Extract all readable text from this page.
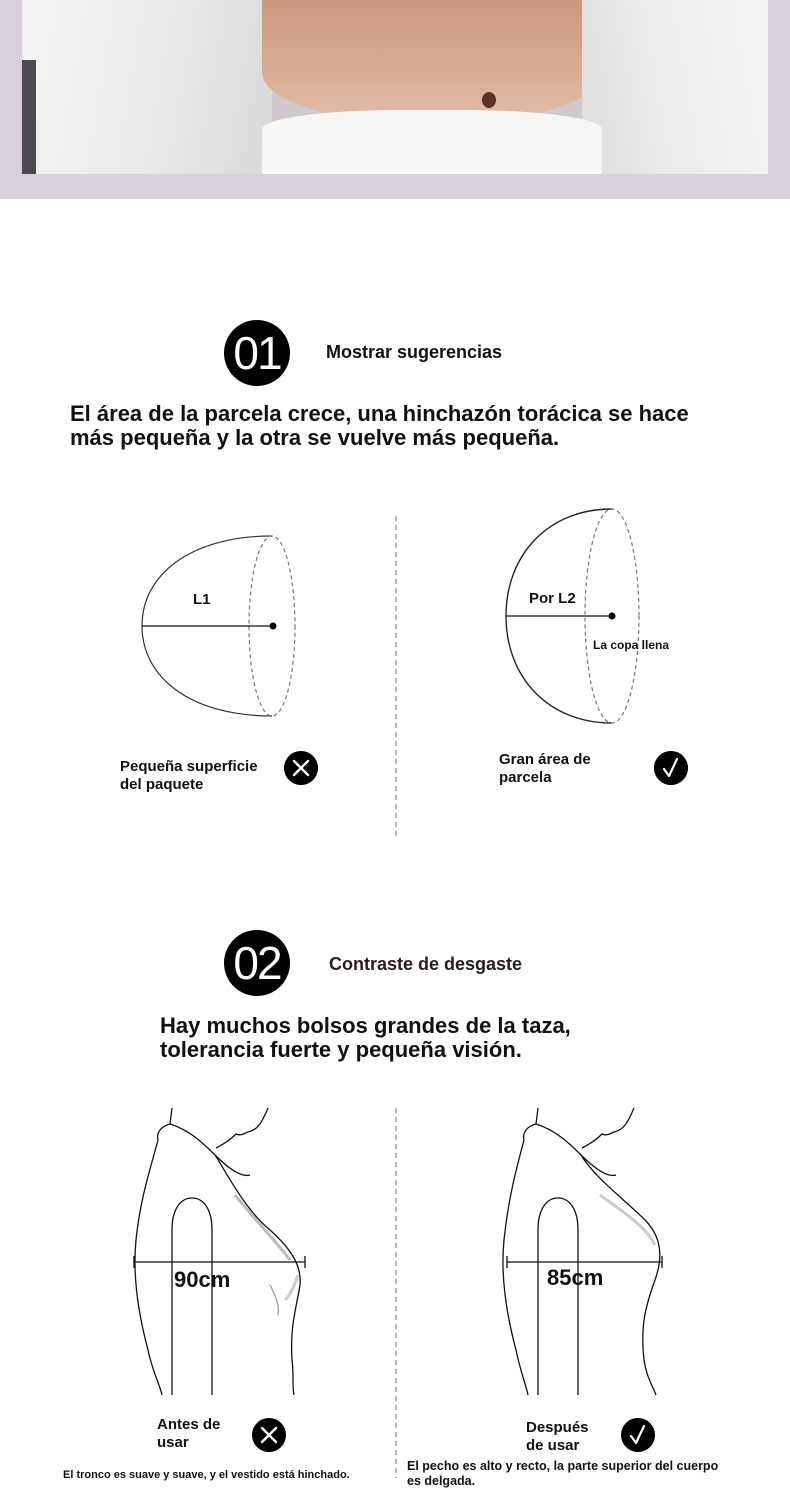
01	Mostrar sugerencias
El área de la parcela crece, una hinchazón torácica se hace
más pequeña y la otra se vuelve más pequeña.
L1	Por L2
La copa llena
Pequeña superficie
del paquete
Gran área de
parcela
02	Contraste de desgaste
Hay muchos bolsos grandes de la taza,
tolerancia fuerte y pequeña visión.
90cm	85cm
Antes de
usar
El tronco es suave y suave, y el vestido está hinchado.
Después
de usar
El pecho es alto y recto, la parte superior del cuerpo
es delgada.
